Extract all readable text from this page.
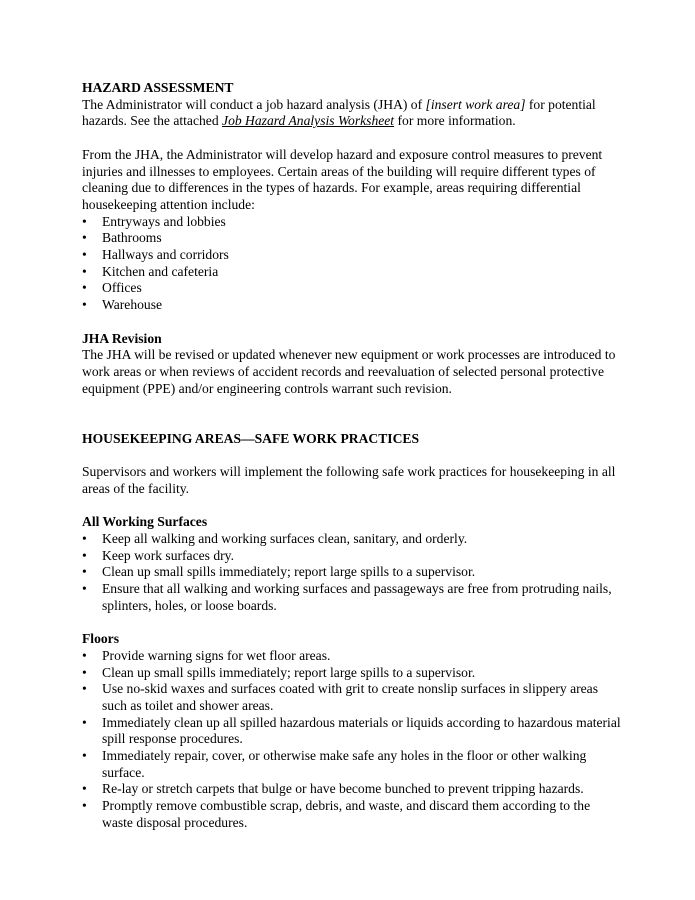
HAZARD ASSESSMENT

The Administrator will conduct a job hazard analysis (JHA) of [insert work area] for potential hazards. See the attached Job Hazard Analysis Worksheet for more information.

From the JHA, the Administrator will develop hazard and exposure control measures to prevent injuries and illnesses to employees. Certain areas of the building will require different types of cleaning due to differences in the types of hazards. For example, areas requiring differential housekeeping attention include:

• Entryways and lobbies
• Bathrooms
• Hallways and corridors
• Kitchen and cafeteria
• Offices
• Warehouse

JHA Revision

The JHA will be revised or updated whenever new equipment or work processes are introduced to work areas or when reviews of accident records and reevaluation of selected personal protective equipment (PPE) and/or engineering controls warrant such revision.

HOUSEKEEPING AREAS—SAFE WORK PRACTICES

Supervisors and workers will implement the following safe work practices for housekeeping in all areas of the facility.

All Working Surfaces

• Keep all walking and working surfaces clean, sanitary, and orderly.
• Keep work surfaces dry.
• Clean up small spills immediately; report large spills to a supervisor.
• Ensure that all walking and working surfaces and passageways are free from protruding nails, splinters, holes, or loose boards.

Floors

• Provide warning signs for wet floor areas.
• Clean up small spills immediately; report large spills to a supervisor.
• Use no-skid waxes and surfaces coated with grit to create nonslip surfaces in slippery areas such as toilet and shower areas.
• Immediately clean up all spilled hazardous materials or liquids according to hazardous material spill response procedures.
• Immediately repair, cover, or otherwise make safe any holes in the floor or other walking surface.
• Re-lay or stretch carpets that bulge or have become bunched to prevent tripping hazards.
• Promptly remove combustible scrap, debris, and waste, and discard them according to the waste disposal procedures.
